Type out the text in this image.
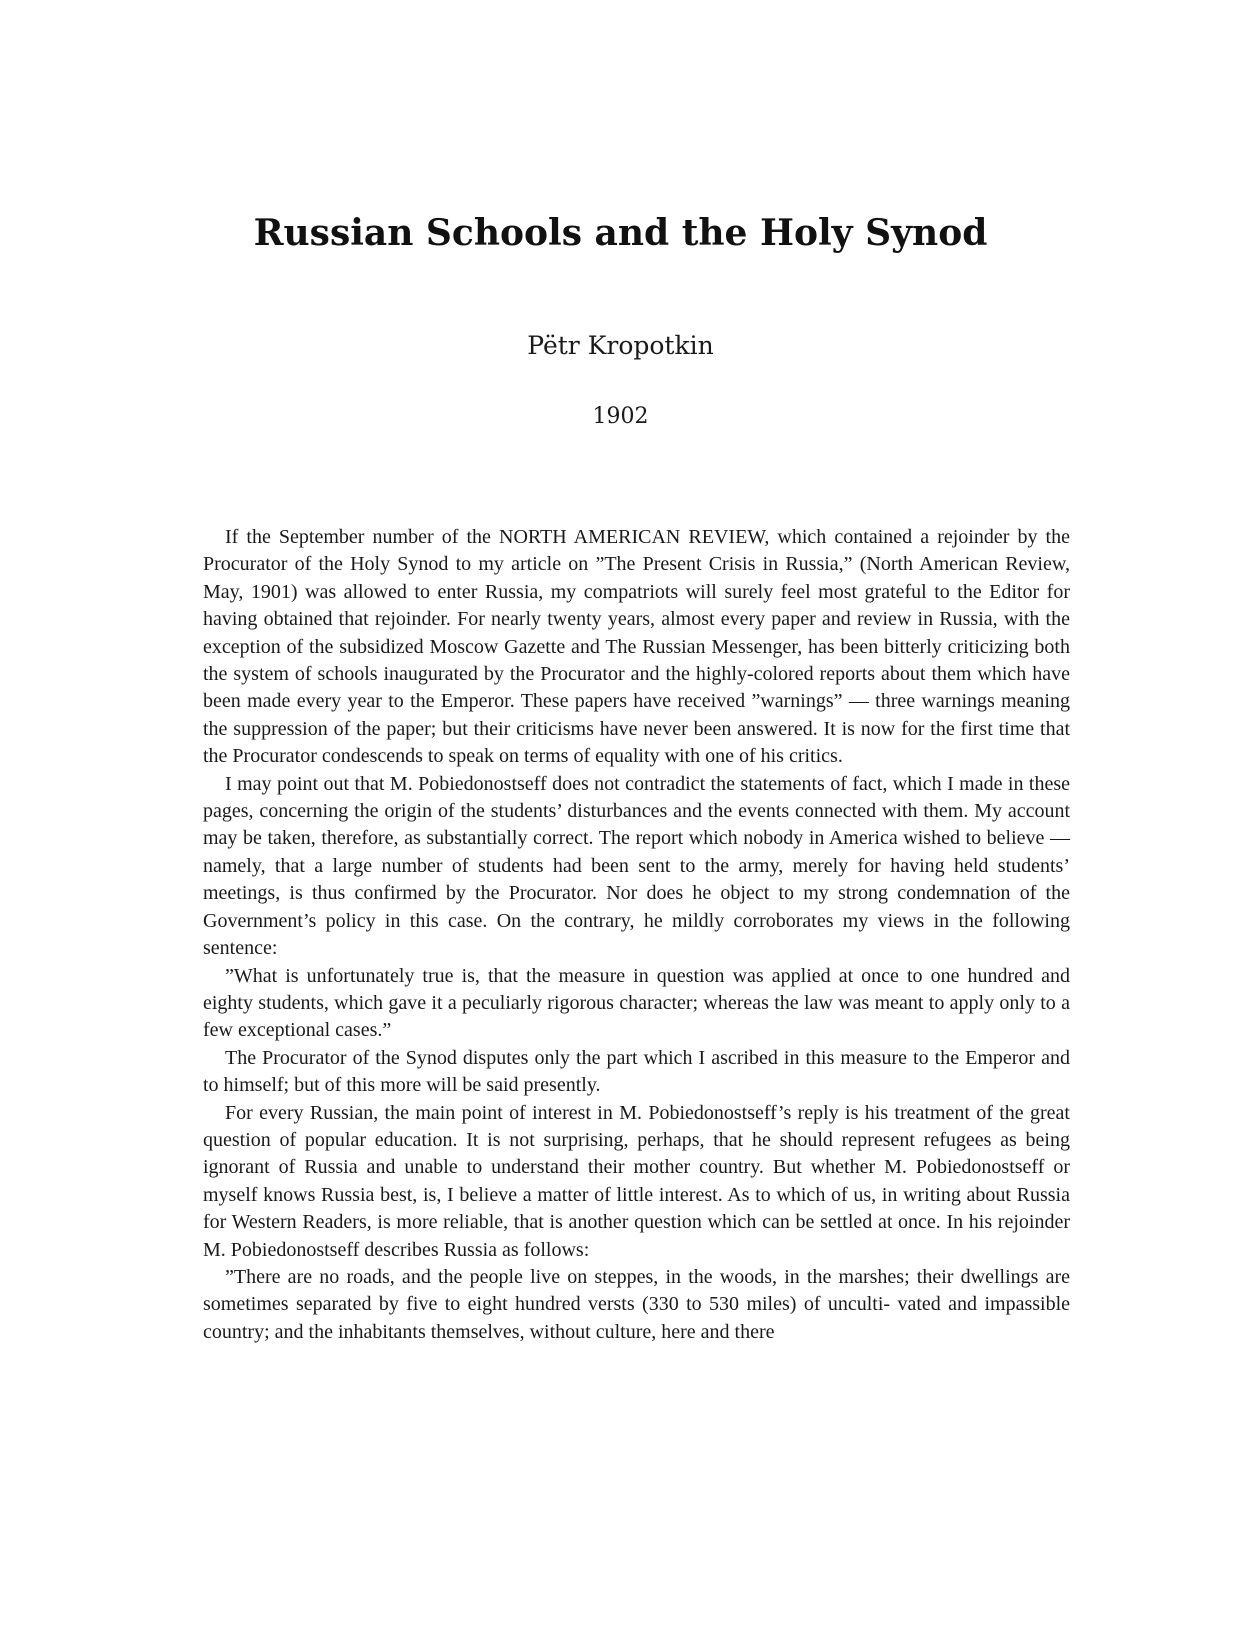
Russian Schools and the Holy Synod
Pëtr Kropotkin
1902

If the September number of the NORTH AMERICAN REVIEW, which contained a rejoinder by the Procurator of the Holy Synod to my article on ”The Present Crisis in Russia,” (North American Review, May, 1901) was allowed to enter Russia, my compatriots will surely feel most grateful to the Editor for having obtained that rejoinder. For nearly twenty years, almost every paper and review in Russia, with the exception of the subsidized Moscow Gazette and The Russian Messenger, has been bitterly criticizing both the system of schools inaugurated by the Procurator and the highly-colored reports about them which have been made every year to the Emperor. These papers have received ”warnings” — three warnings meaning the suppression of the paper; but their criticisms have never been answered. It is now for the first time that the Procurator condescends to speak on terms of equality with one of his critics.

I may point out that M. Pobiedonostseff does not contradict the statements of fact, which I made in these pages, concerning the origin of the students’ disturbances and the events connected with them. My account may be taken, therefore, as substantially correct. The report which nobody in America wished to believe — namely, that a large number of students had been sent to the army, merely for having held students’ meetings, is thus confirmed by the Procurator. Nor does he object to my strong condemnation of the Government’s policy in this case. On the contrary, he mildly corroborates my views in the following sentence:

”What is unfortunately true is, that the measure in question was applied at once to one hundred and eighty students, which gave it a peculiarly rigorous character; whereas the law was meant to apply only to a few exceptional cases.”

The Procurator of the Synod disputes only the part which I ascribed in this measure to the Emperor and to himself; but of this more will be said presently.

For every Russian, the main point of interest in M. Pobiedonostseff’s reply is his treatment of the great question of popular education. It is not surprising, perhaps, that he should represent refugees as being ignorant of Russia and unable to understand their mother country. But whether M. Pobiedonostseff or myself knows Russia best, is, I believe a matter of little interest. As to which of us, in writing about Russia for Western Readers, is more reliable, that is another question which can be settled at once. In his rejoinder M. Pobiedonostseff describes Russia as follows:

”There are no roads, and the people live on steppes, in the woods, in the marshes; their dwellings are sometimes separated by five to eight hundred versts (330 to 530 miles) of unculti- vated and impassible country; and the inhabitants themselves, without culture, here and there
